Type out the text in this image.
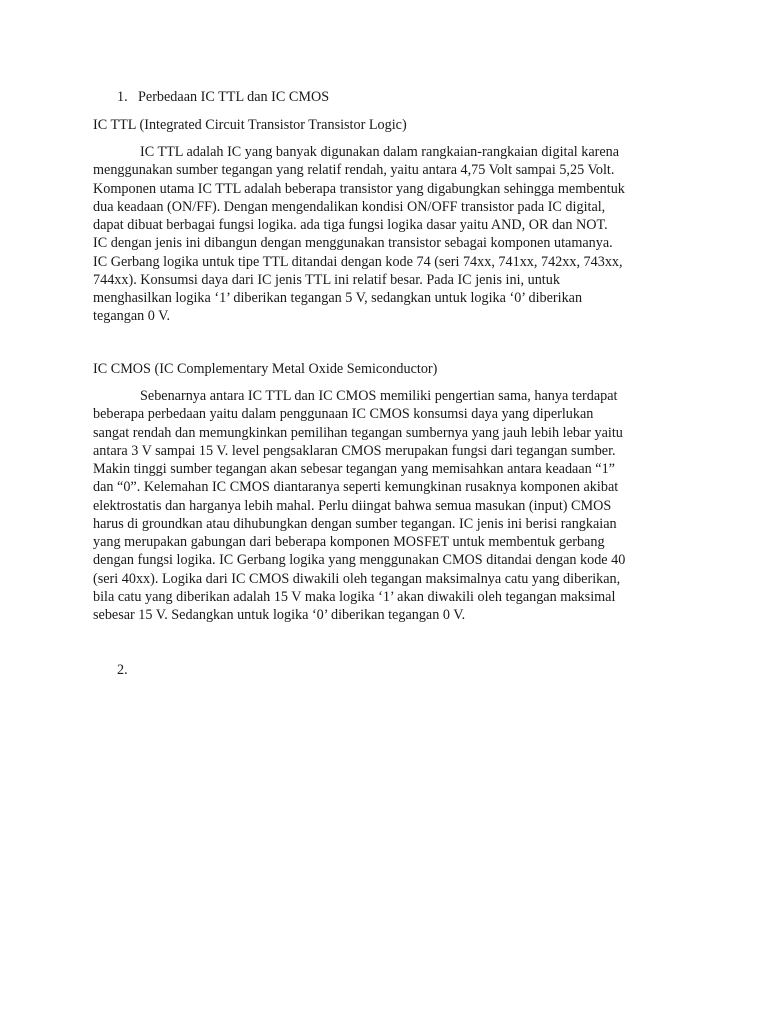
1. Perbedaan IC TTL dan IC CMOS
IC TTL (Integrated Circuit Transistor Transistor Logic)
IC TTL adalah IC yang banyak digunakan dalam rangkaian-rangkaian digital karena
menggunakan sumber tegangan yang relatif rendah, yaitu antara 4,75 Volt sampai 5,25 Volt.
Komponen utama IC TTL adalah beberapa transistor yang digabungkan sehingga membentuk
dua keadaan (ON/FF). Dengan mengendalikan kondisi ON/OFF transistor pada IC digital,
dapat dibuat berbagai fungsi logika. ada tiga fungsi logika dasar yaitu AND, OR dan NOT.
IC dengan jenis ini dibangun dengan menggunakan transistor sebagai komponen utamanya.
IC Gerbang logika untuk tipe TTL ditandai dengan kode 74 (seri 74xx, 741xx, 742xx, 743xx,
744xx). Konsumsi daya dari IC jenis TTL ini relatif besar. Pada IC jenis ini, untuk
menghasilkan logika ‘1’ diberikan tegangan 5 V, sedangkan untuk logika ‘0’ diberikan
tegangan 0 V.
IC CMOS (IC Complementary Metal Oxide Semiconductor)
Sebenarnya antara IC TTL dan IC CMOS memiliki pengertian sama, hanya terdapat
beberapa perbedaan yaitu dalam penggunaan IC CMOS konsumsi daya yang diperlukan
sangat rendah dan memungkinkan pemilihan tegangan sumbernya yang jauh lebih lebar yaitu
antara 3 V sampai 15 V. level pengsaklaran CMOS merupakan fungsi dari tegangan sumber.
Makin tinggi sumber tegangan akan sebesar tegangan yang memisahkan antara keadaan “1”
dan “0”. Kelemahan IC CMOS diantaranya seperti kemungkinan rusaknya komponen akibat
elektrostatis dan harganya lebih mahal. Perlu diingat bahwa semua masukan (input) CMOS
harus di groundkan atau dihubungkan dengan sumber tegangan. IC jenis ini berisi rangkaian
yang merupakan gabungan dari beberapa komponen MOSFET untuk membentuk gerbang
dengan fungsi logika. IC Gerbang logika yang menggunakan CMOS ditandai dengan kode 40
(seri 40xx). Logika dari IC CMOS diwakili oleh tegangan maksimalnya catu yang diberikan,
bila catu yang diberikan adalah 15 V maka logika ‘1’ akan diwakili oleh tegangan maksimal
sebesar 15 V. Sedangkan untuk logika ‘0’ diberikan tegangan 0 V.
2.
